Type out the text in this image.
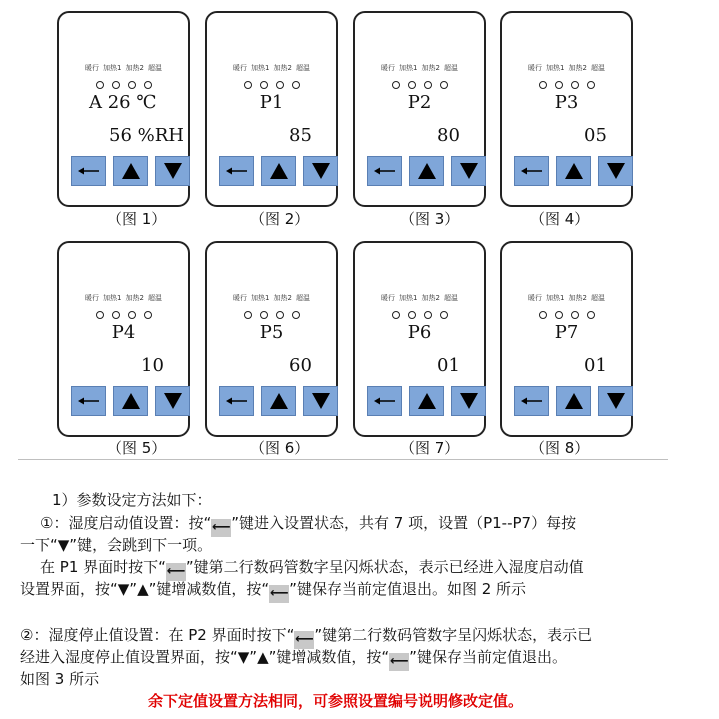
暖行 加热1 加热2 超温
A 26 ℃
56 %RH
（图 1）
暖行 加热1 加热2 超温
P1
85
（图 2）
暖行 加热1 加热2 超温
P2
80
（图 3）
暖行 加热1 加热2 超温
P3
05
（图 4）
暖行 加热1 加热2 超温
P4
10
（图 5）
暖行 加热1 加热2 超温
P5
60
（图 6）
暖行 加热1 加热2 超温
P6
01
（图 7）
暖行 加热1 加热2 超温
P7
01
（图 8）
1）参数设定方法如下：
①：湿度启动值设置：按“⟵”键进入设置状态，共有 7 项，设置（P1--P7）每按
一下“▼”键，会跳到下一项。
在 P1 界面时按下“⟵”键第二行数码管数字呈闪烁状态，表示已经进入湿度启动值
设置界面，按“▼”▲”键增减数值，按“⟵”键保存当前定值退出。如图 2 所示
②：湿度停止值设置：在 P2 界面时按下“⟵”键第二行数码管数字呈闪烁状态，表示已
经进入湿度停止值设置界面，按“▼”▲”键增减数值，按“⟵”键保存当前定值退出。
如图 3 所示
余下定值设置方法相同，可参照设置编号说明修改定值。
